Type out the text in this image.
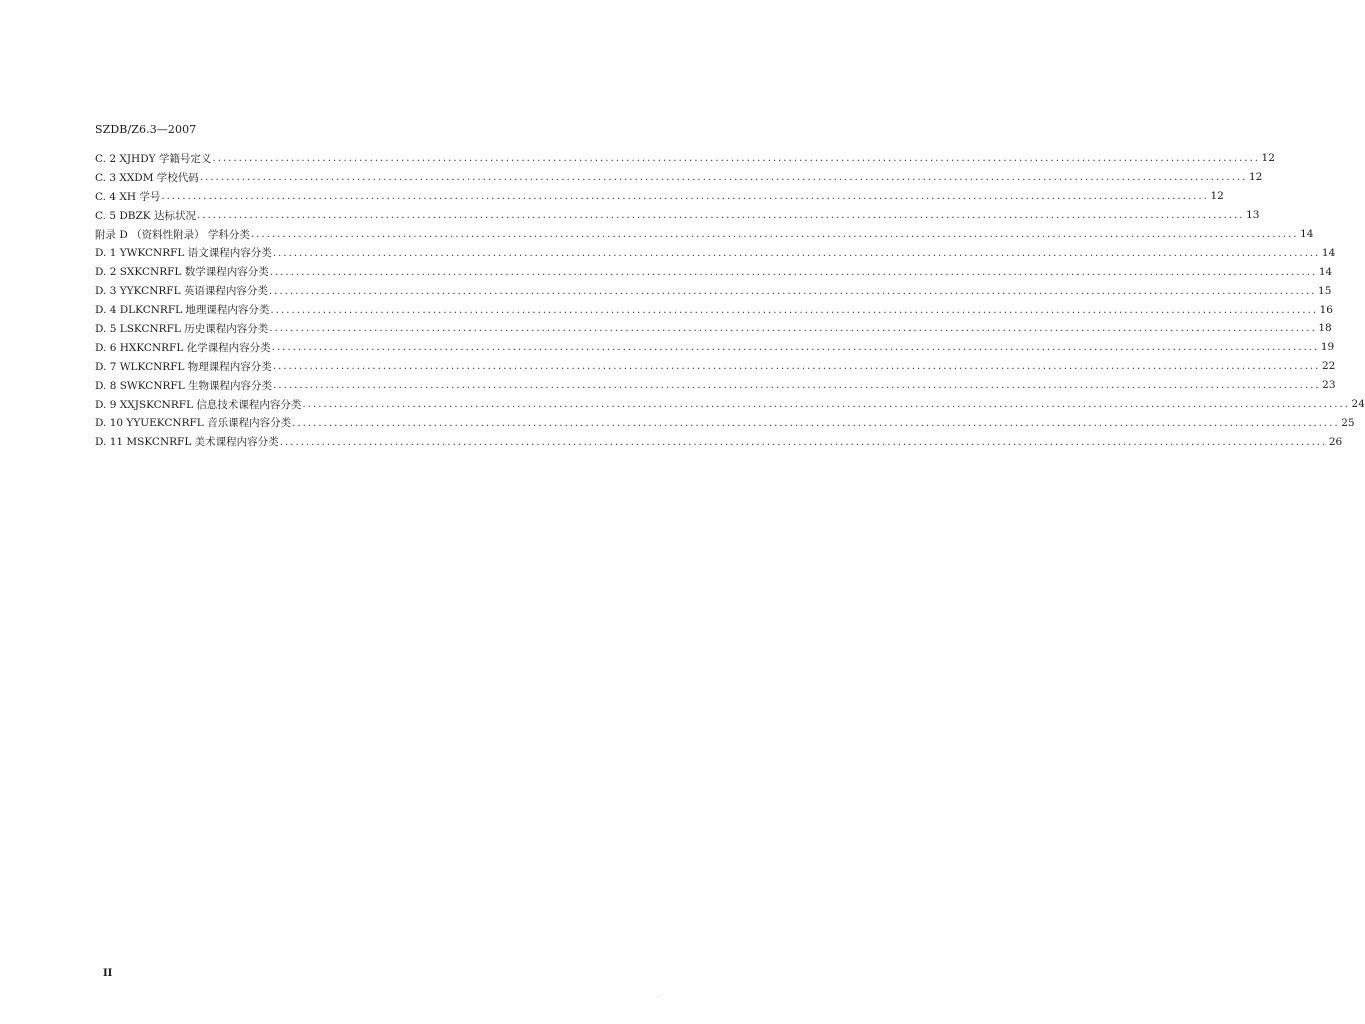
SZDB/Z6.3—2007
C. 2 XJHDY 学籍号定义 ........................................................................................................................................................................................................ 12
C. 3 XXDM 学校代码 ........................................................................................................................................................................................................ 12
C. 4 XH 学号 ........................................................................................................................................................................................................ 12
C. 5 DBZK 达标状况 ........................................................................................................................................................................................................ 13
附录 D （资料性附录） 学科分类 ........................................................................................................................................................................................................ 14
D. 1 YWKCNRFL 语文课程内容分类 ........................................................................................................................................................................................................ 14
D. 2 SXKCNRFL 数学课程内容分类 ........................................................................................................................................................................................................ 14
D. 3 YYKCNRFL 英语课程内容分类 ........................................................................................................................................................................................................ 15
D. 4 DLKCNRFL 地理课程内容分类 ........................................................................................................................................................................................................ 16
D. 5 LSKCNRFL 历史课程内容分类 ........................................................................................................................................................................................................ 18
D. 6 HXKCNRFL 化学课程内容分类 ........................................................................................................................................................................................................ 19
D. 7 WLKCNRFL 物理课程内容分类 ........................................................................................................................................................................................................ 22
D. 8 SWKCNRFL 生物课程内容分类 ........................................................................................................................................................................................................ 23
D. 9 XXJSKCNRFL 信息技术课程内容分类 ........................................................................................................................................................................................................ 24
D. 10 YYUEKCNRFL 音乐课程内容分类 ........................................................................................................................................................................................................ 25
D. 11 MSKCNRFL 美术课程内容分类 ........................................................................................................................................................................................................ 26
II
·
